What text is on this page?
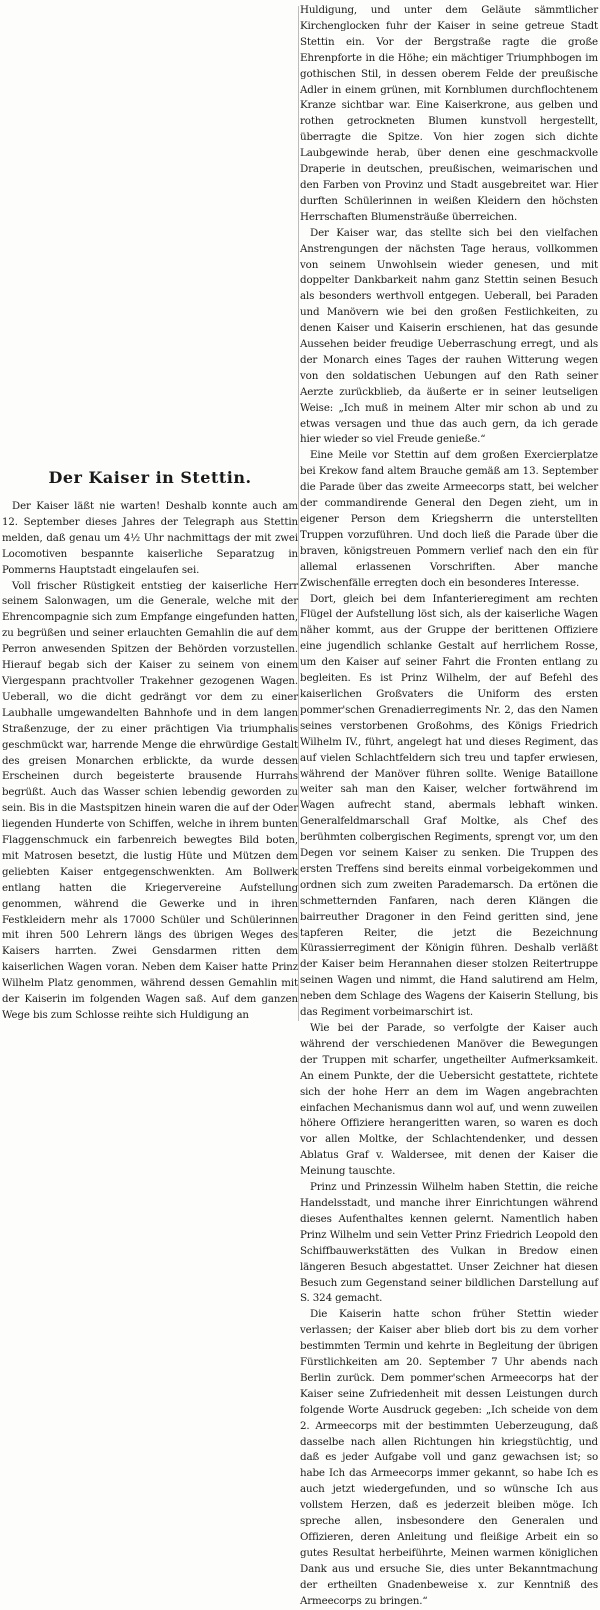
Huldigung, und unter dem Geläute sämmtlicher Kirchenglocken fuhr der Kaiser in seine getreue Stadt Stettin ein. Vor der Bergstraße ragte die große Ehrenpforte in die Höhe; ein mächtiger Triumphbogen im gothischen Stil, in dessen oberem Felde der preußische Adler in einem grünen, mit Kornblumen durchflochtenem Kranze sichtbar war. Eine Kaiserkrone, aus gelben und rothen getrockneten Blumen kunstvoll hergestellt, überragte die Spitze. Von hier zogen sich dichte Laubgewinde herab, über denen eine geschmackvolle Draperie in deutschen, preußischen, weimarischen und den Farben von Provinz und Stadt ausgebreitet war. Hier durften Schülerinnen in weißen Kleidern den höchsten Herrschaften Blumensträuße überreichen.

Der Kaiser war, das stellte sich bei den vielfachen Anstrengungen der nächsten Tage heraus, vollkommen von seinem Unwohlsein wieder genesen, und mit doppelter Dankbarkeit nahm ganz Stettin seinen Besuch als besonders werthvoll entgegen. Ueberall, bei Paraden und Manövern wie bei den großen Festlichkeiten, zu denen Kaiser und Kaiserin erschienen, hat das gesunde Aussehen beider freudige Ueberraschung erregt, und als der Monarch eines Tages der rauhen Witterung wegen von den soldatischen Uebungen auf den Rath seiner Aerzte zurückblieb, da äußerte er in seiner leutseligen Weise: „Ich muß in meinem Alter mir schon ab und zu etwas versagen und thue das auch gern, da ich gerade hier wieder so viel Freude genieße.“

Eine Meile vor Stettin auf dem großen Exercierplatze bei Krekow fand altem Brauche gemäß am 13. September die Parade über das zweite Armeecorps statt, bei welcher der commandirende General den Degen zieht, um in eigener Person dem Kriegsherrn die unterstellten Truppen vorzuführen. Und doch ließ die Parade über die braven, königstreuen Pommern verlief nach den ein für allemal erlassenen Vorschriften. Aber manche Zwischenfälle erregten doch ein besonderes Interesse.

Dort, gleich bei dem Infanterieregiment am rechten Flügel der Aufstellung löst sich, als der kaiserliche Wagen näher kommt, aus der Gruppe der berittenen Offiziere eine jugendlich schlanke Gestalt auf herrlichem Rosse, um den Kaiser auf seiner Fahrt die Fronten entlang zu begleiten. Es ist Prinz Wilhelm, der auf Befehl des kaiserlichen Großvaters die Uniform des ersten pommer'schen Grenadierregiments Nr. 2, das den Namen seines verstorbenen Großohms, des Königs Friedrich Wilhelm IV., führt, angelegt hat und dieses Regiment, das auf vielen Schlachtfeldern sich treu und tapfer erwiesen, während der Manöver führen sollte. Wenige Bataillone weiter sah man den Kaiser, welcher fortwährend im Wagen aufrecht stand, abermals lebhaft winken. Generalfeldmarschall Graf Moltke, als Chef des berühmten colbergischen Regiments, sprengt vor, um den Degen vor seinem Kaiser zu senken. Die Truppen des ersten Treffens sind bereits einmal vorbeigekommen und ordnen sich zum zweiten Parademarsch. Da ertönen die schmetternden Fanfaren, nach deren Klängen die bairreuther Dragoner in den Feind geritten sind, jene tapferen Reiter, die jetzt die Bezeichnung Kürassierregiment der Königin führen. Deshalb verläßt der Kaiser beim Herannahen dieser stolzen Reitertruppe seinen Wagen und nimmt, die Hand salutirend am Helm, neben dem Schlage des Wagens der Kaiserin Stellung, bis das Regiment vorbeimarschirt ist.

Wie bei der Parade, so verfolgte der Kaiser auch während der verschiedenen Manöver die Bewegungen der Truppen mit scharfer, ungetheilter Aufmerksamkeit. An einem Punkte, der die Uebersicht gestattete, richtete sich der hohe Herr an dem im Wagen angebrachten einfachen Mechanismus dann wol auf, und wenn zuweilen höhere Offiziere herangeritten waren, so waren es doch vor allen Moltke, der Schlachtendenker, und dessen Ablatus Graf v. Waldersee, mit denen der Kaiser die Meinung tauschte.

Prinz und Prinzessin Wilhelm haben Stettin, die reiche Handelsstadt, und manche ihrer Einrichtungen während dieses Aufenthaltes kennen gelernt. Namentlich haben Prinz Wilhelm und sein Vetter Prinz Friedrich Leopold den Schiffbauwerkstätten des Vulkan in Bredow einen längeren Besuch abgestattet. Unser Zeichner hat diesen Besuch zum Gegenstand seiner bildlichen Darstellung auf S. 324 gemacht.

Die Kaiserin hatte schon früher Stettin wieder verlassen; der Kaiser aber blieb dort bis zu dem vorher bestimmten Termin und kehrte in Begleitung der übrigen Fürstlichkeiten am 20. September 7 Uhr abends nach Berlin zurück. Dem pommer'schen Armeecorps hat der Kaiser seine Zufriedenheit mit dessen Leistungen durch folgende Worte Ausdruck gegeben: „Ich scheide von dem 2. Armeecorps mit der bestimmten Ueberzeugung, daß dasselbe nach allen Richtungen hin kriegstüchtig, und daß es jeder Aufgabe voll und ganz gewachsen ist; so habe Ich das Armeecorps immer gekannt, so habe Ich es auch jetzt wiedergefunden, und so wünsche Ich aus vollstem Herzen, daß es jederzeit bleiben möge. Ich spreche allen, insbesondere den Generalen und Offizieren, deren Anleitung und fleißige Arbeit ein so gutes Resultat herbeiführte, Meinen warmen königlichen Dank aus und ersuche Sie, dies unter Bekanntmachung der ertheilten Gnadenbeweise x. zur Kenntniß des Armeecorps zu bringen.“

Der Kaiser in Stettin.

Der Kaiser läßt nie warten! Deshalb konnte auch am 12. September dieses Jahres der Telegraph aus Stettin melden, daß genau um 4½ Uhr nachmittags der mit zwei Locomotiven bespannte kaiserliche Separatzug in Pommerns Hauptstadt eingelaufen sei.

Voll frischer Rüstigkeit entstieg der kaiserliche Herr seinem Salonwagen, um die Generale, welche mit der Ehrencompagnie sich zum Empfange eingefunden hatten, zu begrüßen und seiner erlauchten Gemahlin die auf dem Perron anwesenden Spitzen der Behörden vorzustellen. Hierauf begab sich der Kaiser zu seinem von einem Viergespann prachtvoller Trakehner gezogenen Wagen. Ueberall, wo die dicht gedrängt vor dem zu einer Laubhalle umgewandelten Bahnhofe und in dem langen Straßenzuge, der zu einer prächtigen Via triumphalis geschmückt war, harrende Menge die ehrwürdige Gestalt des greisen Monarchen erblickte, da wurde dessen Erscheinen durch begeisterte brausende Hurrahs begrüßt. Auch das Wasser schien lebendig geworden zu sein. Bis in die Mastspitzen hinein waren die auf der Oder liegenden Hunderte von Schiffen, welche in ihrem bunten Flaggenschmuck ein farbenreich bewegtes Bild boten, mit Matrosen besetzt, die lustig Hüte und Mützen dem geliebten Kaiser entgegenschwenkten. Am Bollwerk entlang hatten die Kriegervereine Aufstellung genommen, während die Gewerke und in ihren Festkleidern mehr als 17000 Schüler und Schülerinnen mit ihren 500 Lehrern längs des übrigen Weges des Kaisers harrten. Zwei Gensdarmen ritten dem kaiserlichen Wagen voran. Neben dem Kaiser hatte Prinz Wilhelm Platz genommen, während dessen Gemahlin mit der Kaiserin im folgenden Wagen saß. Auf dem ganzen Wege bis zum Schlosse reihte sich Huldigung an
